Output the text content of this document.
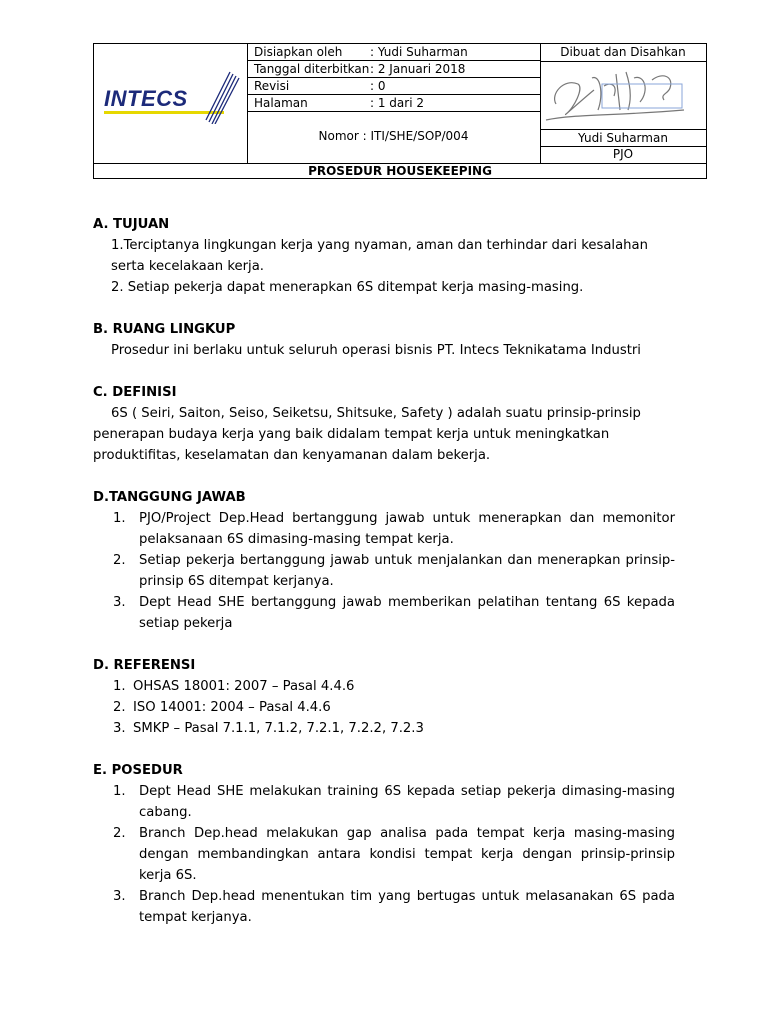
INTECS
Disiapkan oleh : Yudi Suharman
Tanggal diterbitkan : 2 Januari 2018
Revisi	: 0
Halaman	: 1 dari 2
Nomor : ITI/SHE/SOP/004
Dibuat dan Disahkan
Yudi Suharman
PJO
PROSEDUR HOUSEKEEPING

A. TUJUAN

1.Terciptanya lingkungan kerja yang nyaman, aman dan terhindar dari kesalahan serta kecelakaan kerja.
2. Setiap pekerja dapat menerapkan 6S ditempat kerja masing-masing.

B. RUANG LINGKUP

Prosedur ini berlaku untuk seluruh operasi bisnis PT. Intecs Teknikatama Industri

C. DEFINISI

6S ( Seiri, Saiton, Seiso, Seiketsu, Shitsuke, Safety ) adalah suatu prinsip-prinsip penerapan budaya kerja yang baik didalam tempat kerja untuk meningkatkan produktifitas, keselamatan dan kenyamanan dalam bekerja.

D.TANGGUNG JAWAB

1.	PJO/Project Dep.Head bertanggung jawab untuk menerapkan dan memonitor pelaksanaan 6S dimasing-masing tempat kerja.
2.	Setiap pekerja bertanggung jawab untuk menjalankan dan menerapkan prinsip-prinsip 6S ditempat kerjanya.
3.	Dept Head SHE bertanggung jawab memberikan pelatihan tentang 6S kepada setiap pekerja

D. REFERENSI

1. OHSAS 18001: 2007 – Pasal 4.4.6
2. ISO 14001: 2004 – Pasal 4.4.6
3. SMKP – Pasal 7.1.1, 7.1.2, 7.2.1, 7.2.2, 7.2.3

E. POSEDUR

1.	Dept Head SHE melakukan training 6S kepada setiap pekerja dimasing-masing cabang.
2.	Branch Dep.head melakukan gap analisa pada tempat kerja masing-masing dengan membandingkan antara kondisi tempat kerja dengan prinsip-prinsip kerja 6S.
3.	Branch Dep.head menentukan tim yang bertugas untuk melasanakan 6S pada tempat kerjanya.
